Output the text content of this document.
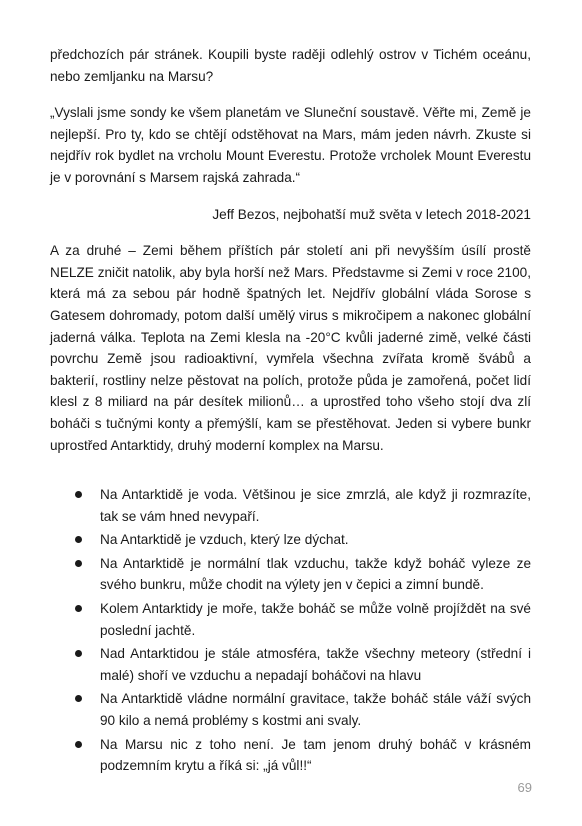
předchozích pár stránek. Koupili byste raději odlehlý ostrov v Tichém oceánu, nebo zemljanku na Marsu?

„Vyslali jsme sondy ke všem planetám ve Sluneční soustavě. Věřte mi, Země je nejlepší. Pro ty, kdo se chtějí odstěhovat na Mars, mám jeden návrh. Zkuste si nejdřív rok bydlet na vrcholu Mount Everestu. Protože vrcholek Mount Everestu je v porovnání s Marsem rajská zahrada.“

Jeff Bezos, nejbohatší muž světa v letech 2018-2021

A za druhé – Zemi během příštích pár století ani při nevyšším úsílí prostě NELZE zničit natolik, aby byla horší než Mars. Představme si Zemi v roce 2100, která má za sebou pár hodně špatných let. Nejdřív globální vláda Sorose s Gatesem dohromady, potom další umělý virus s mikročipem a nakonec globální jaderná válka. Teplota na Zemi klesla na -20°C kvůli jaderné zimě, velké části povrchu Země jsou radioaktivní, vymřela všechna zvířata kromě švábů a bakterií, rostliny nelze pěstovat na polích, protože půda je zamořená, počet lidí klesl z 8 miliard na pár desítek milionů… a uprostřed toho všeho stojí dva zlí boháči s tučnými konty a přemýšlí, kam se přestěhovat. Jeden si vybere bunkr uprostřed Antarktidy, druhý moderní komplex na Marsu.

Na Antarktidě je voda. Většinou je sice zmrzlá, ale když ji rozmrazíte, tak se vám hned nevypaří.
Na Antarktidě je vzduch, který lze dýchat.
Na Antarktidě je normální tlak vzduchu, takže když boháč vyleze ze svého bunkru, může chodit na výlety jen v čepici a zimní bundě.
Kolem Antarktidy je moře, takže boháč se může volně projíždět na své poslední jachtě.
Nad Antarktidou je stále atmosféra, takže všechny meteory (střední i malé) shoří ve vzduchu a nepadají boháčovi na hlavu
Na Antarktidě vládne normální gravitace, takže boháč stále váží svých 90 kilo a nemá problémy s kostmi ani svaly.
Na Marsu nic z toho není. Je tam jenom druhý boháč v krásném podzemním krytu a říká si: „já vůl!!“
69
